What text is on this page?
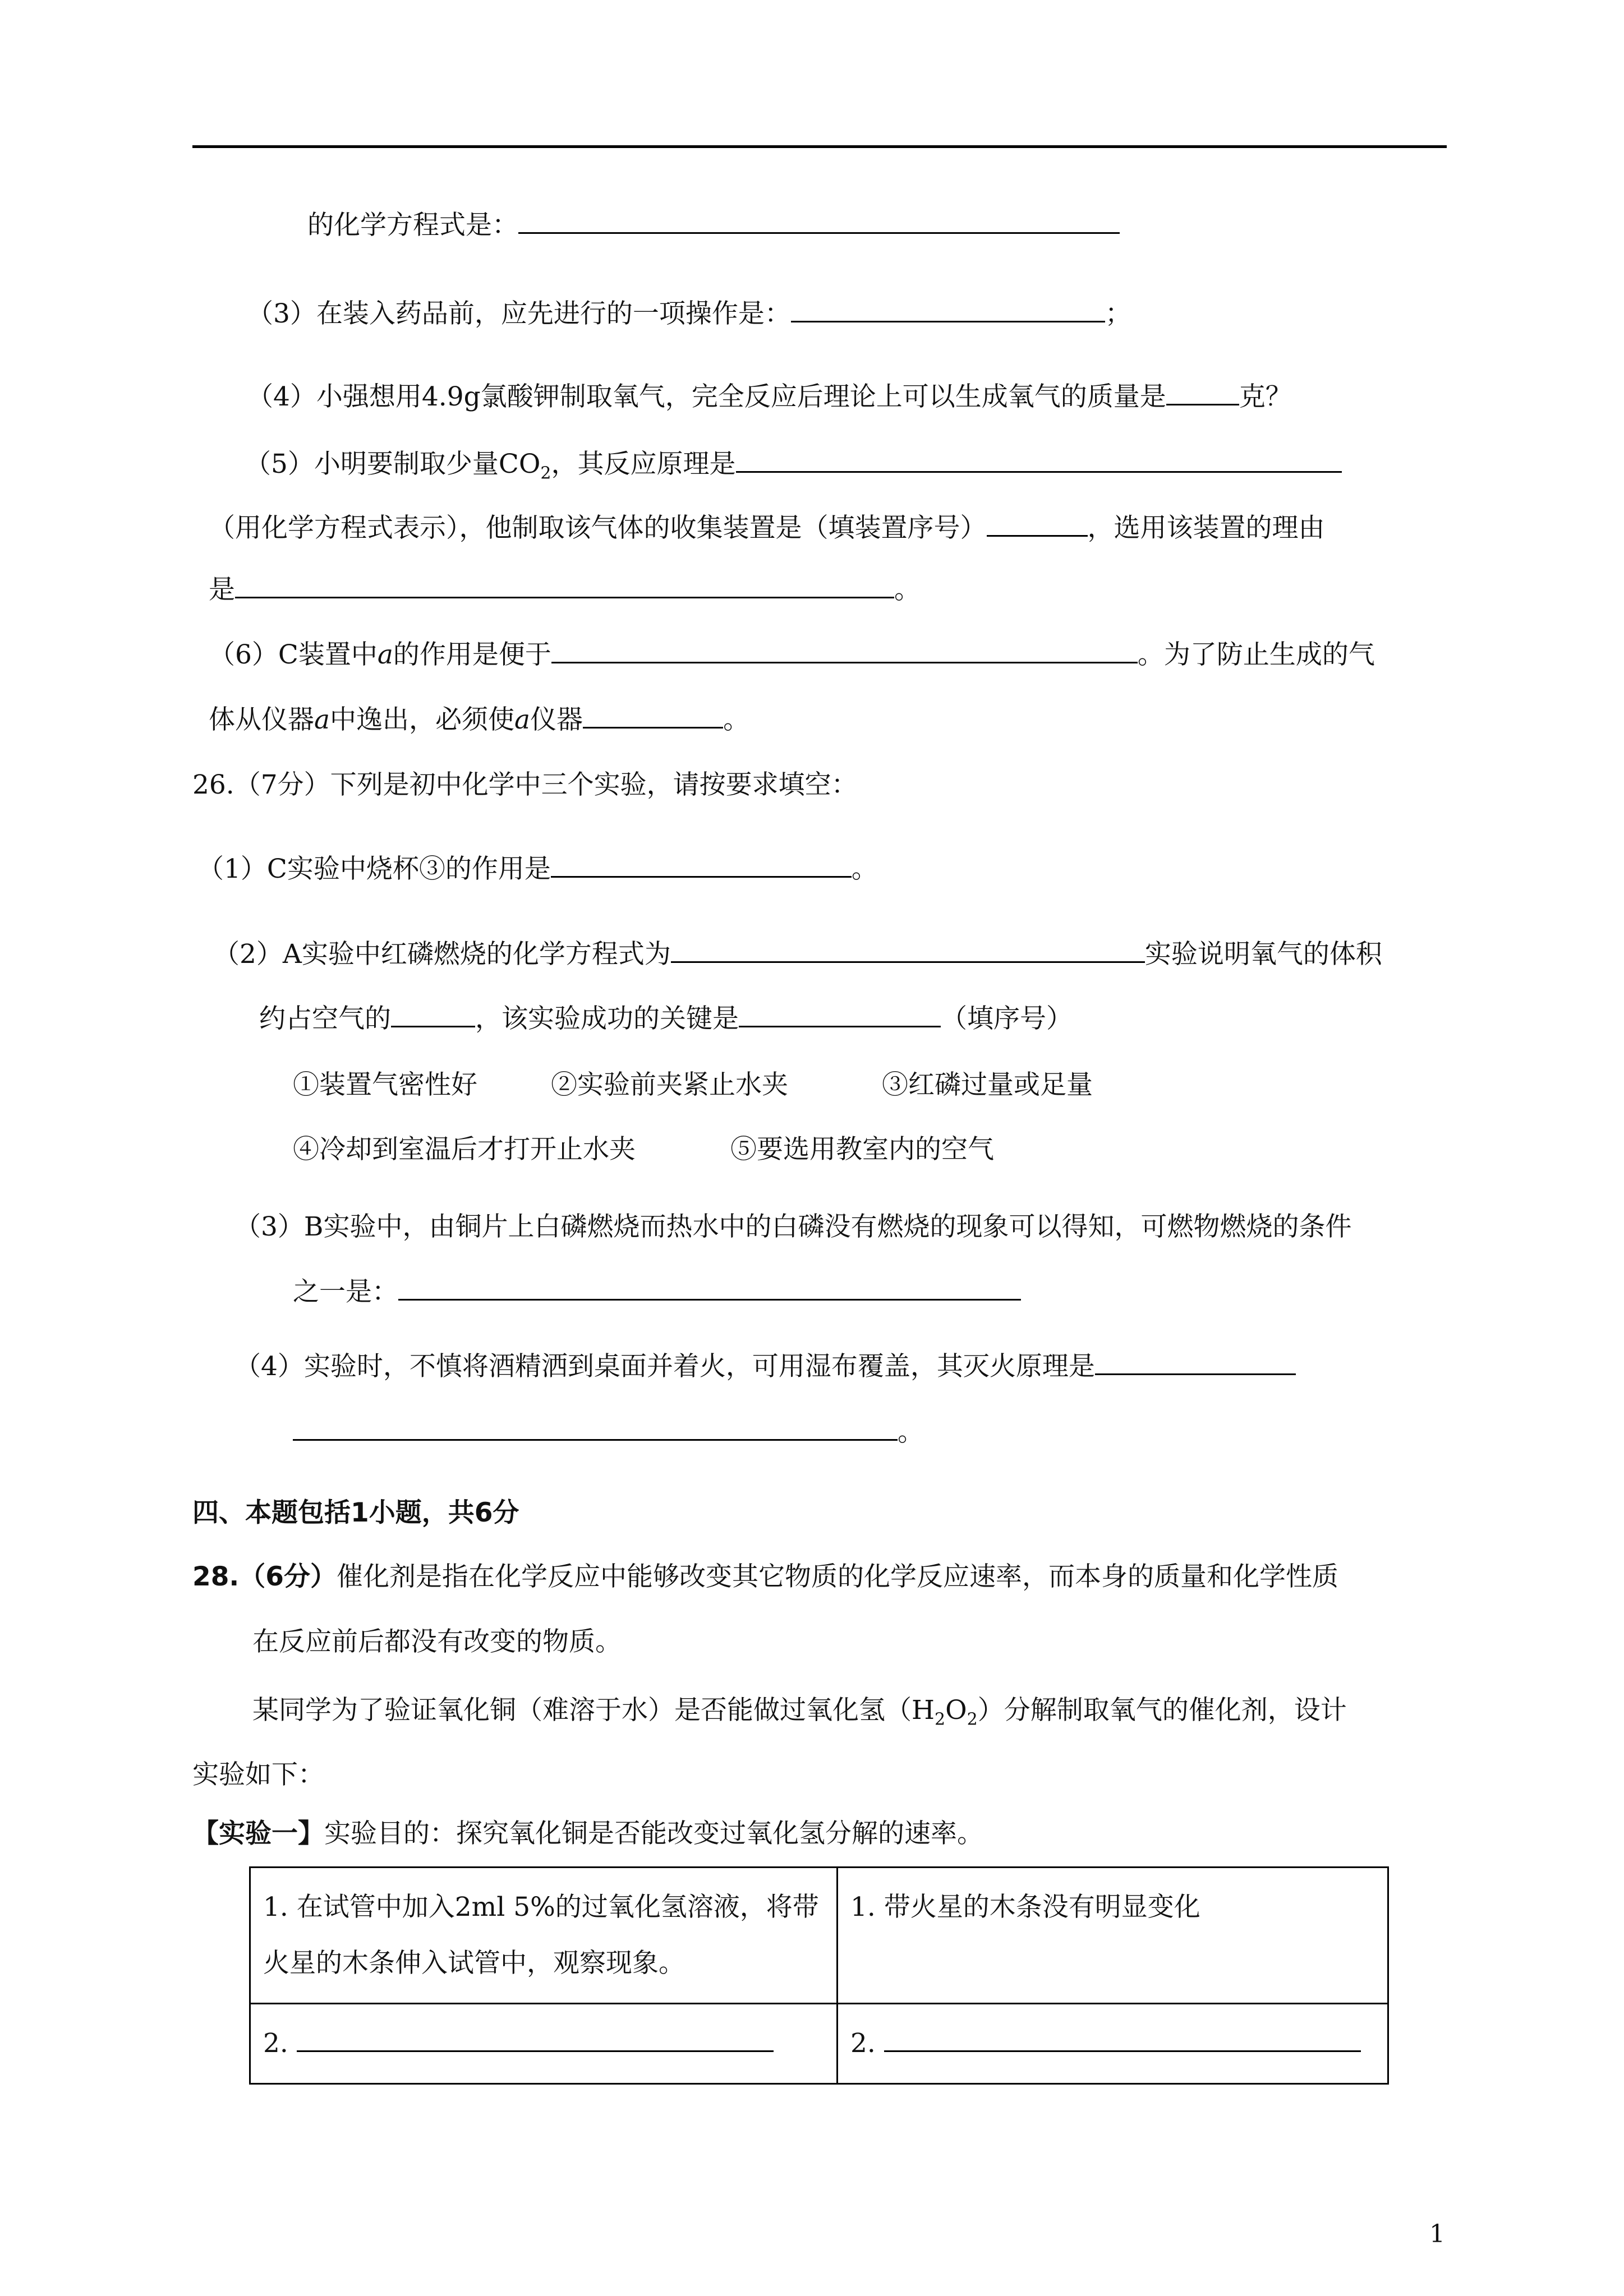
的化学方程式是：
（3）在装入药品前，应先进行的一项操作是：	；
（4）小强想用4.9g氯酸钾制取氧气，完全反应后理论上可以生成氧气的质量是	克？
（5）小明要制取少量$CO_2$，其反应原理是
（用化学方程式表示），他制取该气体的收集装置是（填装置序号）	，选用该装置的理由
是	。
（6）C装置中a的作用是便于	。为了防止生成的气
体从仪器a中逸出，必须使a仪器	。
26.（7分）下列是初中化学中三个实验，请按要求填空：
（1）C实验中烧杯③的作用是	。
（2）A实验中红磷燃烧的化学方程式为	实验说明氧气的体积
约占空气的	，该实验成功的关键是	（填序号）
①装置气密性好	②实验前夹紧止水夹	③红磷过量或足量
④冷却到室温后才打开止水夹	⑤要选用教室内的空气
（3）B实验中，由铜片上白磷燃烧而热水中的白磷没有燃烧的现象可以得知，可燃物燃烧的条件
之一是：
（4）实验时，不慎将酒精洒到桌面并着火，可用湿布覆盖，其灭火原理是
。
四、本题包括1小题，共6分
28.（6分）催化剂是指在化学反应中能够改变其它物质的化学反应速率，而本身的质量和化学性质
在反应前后都没有改变的物质。
某同学为了验证氧化铜（难溶于水）是否能做过氧化氢$(H_2O_2)$分解制取氧气的催化剂，设计
实验如下：
【实验一】实验目的：探究氧化铜是否能改变过氧化氢分解的速率。
1. 在试管中加入2ml 5%的过氧化氢溶液，将带火星的木条伸入试管中，观察现象。	1. 带火星的木条没有明显变化
2.	2.
1
